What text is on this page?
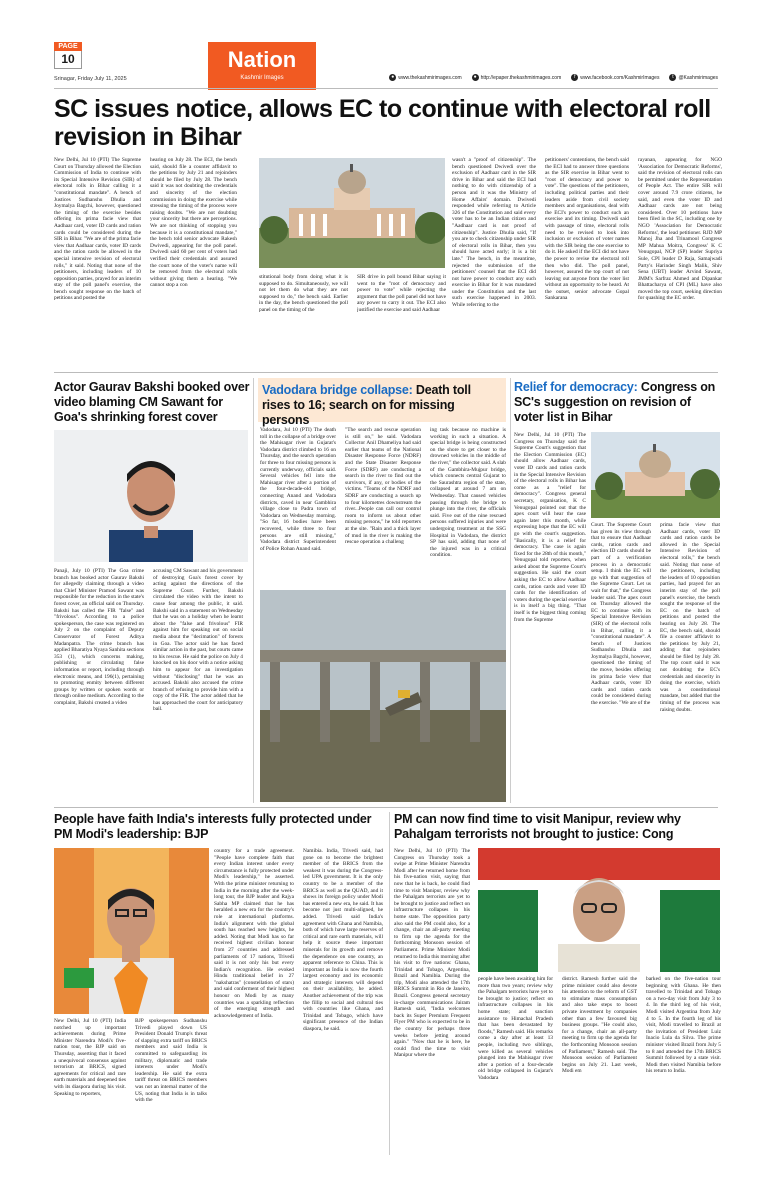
PAGE
10
Srinagar, Friday July 11, 2025
Nation
Kashmir Images	● www.thekashmirimages.com	● http://epaper.thekashmirimages.com	f www.facebook.com/KashmirImages	t @Kashmirimages
SC issues notice, allows EC to continue with electoral roll revision in Bihar
New Delhi, Jul 10 (PTI) The Supreme Court on Thursday allowed the Election Commission of India to continue with its Special Intensive Revision (SIR) of electoral rolls in Bihar calling it a "constitutional mandate". A bench of Justices Sudhanshu Dhulia and Joymalya Bagchi, however, questioned the timing of the exercise besides offering its prima facie view that Aadhaar card, voter ID cards and ration cards could be considered during the SIR in Bihar. "We are of the prima facie view that Aadhaar cards, voter ID cards and the ration cards be allowed in the special intensive revision of electoral rolls," it said. Noting that none of the petitioners, including leaders of 10 opposition parties, prayed for an interim stay of the poll panel's exercise, the bench sought response on the batch of petitions and posted the
hearing on July 28. The ECI, the bench said, should file a counter affidavit to the petitions by July 21 and rejoinders should be filed by July 28. The bench said it was not doubting the credentials and sincerity of the election commission in doing the exercise while stressing the timing of the process were raising doubts. "We are not doubting your sincerity but there are perceptions. We are not thinking of stopping you because it is a constitutional mandate," the bench told senior advocate Rakesh Dwivedi, appearing for the poll panel. Dwivedi said 60 per cent of voters had verified their credentials and assured the court none of the voter's name will be removed from the electoral rolls without giving them a hearing. "We cannot stop a con
stitutional body from doing what it is supposed to do. Simultaneously, we will not let them do what they are not supposed to do," the bench said. Earlier in the day, the bench questioned the poll panel on the timing of the
SIR drive in poll bound Bihar saying it went to the "root of democracy and power to vote" while rejecting the argument that the poll panel did not have any power to carry it out. The ECI also justified the exercise and said Aadhaar
wasn't a "proof of citizenship". The bench questioned Dwivedi over the exclusion of Aadhaar card in the SIR drive in Bihar and said the ECI had nothing to do with citizenship of a person and it was the Ministry of Home Affairs' domain. Dwivedi responded while referring to Article 326 of the Constitution and said every voter has to be an Indian citizen and "Aadhaar card is not proof of citizenship". Justice Dhulia said, "If you are to check citizenship under SIR of electoral rolls in Bihar, then you should have acted early; it is a bit late." The bench, in the meantime, rejected the submission of the petitioners' counsel that the ECI did not have power to conduct any such exercise in Bihar for it was mandated under the Constitution and the last such exercise happened in 2003. While referring to the
petitioners' contentions, the bench said the ECI had to answer three questions as the SIR exercise in Bihar went to "root of democracy and power to vote". The questions of the petitioners, including political parties and their leaders aside from civil society members and organisations, deal with the ECI's power to conduct such an exercise and its timing. Dwivedi said with passage of time, electoral rolls need to be revised to look into inclusion or exclusion of voter names with the SIR being the one exercise to do it. He asked if the ECI did not have the power to revise the electoral roll then who did. The poll panel, however, assured the top court of not leaving out anyone from the voter list without an opportunity to be heard. At the outset, senior advocate Gopal Sankarana
rayanan, appearing for NGO 'Association for Democratic Reforms', said the revision of electoral rolls can be permitted under the Representation of People Act. The entire SIR will cover around 7.9 crore citizens, he said, and even the voter ID and Aadhaar cards are not being considered. Over 10 petitions have been filed in the SC, including one by NGO 'Association for Democratic Reforms', the lead petitioner. RJD MP Manoj Jha and Trinamool Congress MP Mahua Moitra, Congress' K C Venugopal, NCP (SP) leader Supriya Sule, CPI leader D Raja, Samajwadi Party's Harinder Singh Malik, Shiv Sena (UBT) leader Arvind Sawant, JMM's Sarfraz Ahmed and Dipankar Bhattacharya of CPI (ML) have also moved the top court, seeking direction for quashing the EC order.
Actor Gaurav Bakshi booked over video blaming CM Sawant for Goa's shrinking forest cover
Panaji, July 10 (PTI) The Goa crime branch has booked actor Gaurav Bakshi for allegedly claiming through a video that Chief Minister Pramod Sawant was responsible for the reduction in the state's forest cover, an official said on Thursday. Bakshi has called the FIR "false" and "frivolous". According to a police spokesperson, the case was registered on July 2 on the complaint of Deputy Conservator of Forest Aditya Madanpatra. The crime branch has applied Bharatiya Nyaya Sanhita sections 353 (1), which concerns making, publishing or circulating false information or report, including through electronic means, and 196(1), pertaining to promoting enmity between different groups by written or spoken words or through online medium. According to the complaint, Bakshi created a video
accusing CM Sawant and his government of destroying Goa's forest cover by acting against the directions of the Supreme Court. Further, Bakshi circulated the video with the intent to cause fear among the public, it said. Bakshi said in a statement on Wednesday that he was on a holiday when he learnt about the "false and frivolous" FIR against him for speaking out on social media about the "decimation" of forests in Goa. The actor said he has faced similar action in the past, but courts came to his rescue. He said the police on July 4 knocked on his door with a notice asking him to appear for an investigation without "disclosing" that he was an accused. Bakshi also accused the crime branch of refusing to provide him with a copy of the FIR. The actor added that he has approached the court for anticipatory bail.
Vadodara bridge collapse: Death toll rises to 16; search on for missing persons
Vadodara, Jul 10 (PTI) The death toll in the collapse of a bridge over the Mahisagar river in Gujarat's Vadodara district climbed to 16 on Thursday, and the search operation for three to four missing persons is currently underway, officials said. Several vehicles fell into the Mahisagar river after a portion of the four-decade-old bridge, connecting Anand and Vadodara districts, caved in near Gambhira village close to Padra town of Vadodara on Wednesday morning. "So far, 16 bodies have been recovered, while three to four persons are still missing," Vadodara district Superintendent of Police Rohan Anand said.
"The search and rescue operation is still on," he said. Vadodara Collector Anil Dhameliya had said earlier that teams of the National Disaster Response Force (NDRF) and the State Disaster Response Force (SDRF) are conducting a search in the river to find out the survivors, if any, or bodies of the victims. "Teams of the NDRF and SDRF are conducting a search up to four kilometres downstream the river...People can call our control room to inform us about other missing persons," he told reporters at the site. "Rain and a thick layer of mud in the river is making the rescue operation a challeng
ing task because no machine is working in such a situation. A special bridge is being constructed on the shore to get closer to the drowned vehicles in the middle of the river," the collector said. A slab of the Gambhira-Mujpur bridge, which connects central Gujarat to the Saurashtra region of the state, collapsed at around 7 am on Wednesday. That caused vehicles passing through the bridge to plunge into the river, the officials said. Five out of the nine rescued persons suffered injuries and were undergoing treatment at the SSG Hospital in Vadodara, the district SP has said, adding that none of the injured was in a critical condition.
Relief for democracy: Congress on SC's suggestion on revision of voter list in Bihar
New Delhi, Jul 10 (PTI) The Congress on Thursday said the Supreme Court's suggestion that the Election Commission (EC) should allow Aadhaar cards, voter ID cards and ration cards in the Special Intensive Revision of the electoral rolls in Bihar has come as a "relief for democracy". Congress general secretary, organisation, K C Venugopal pointed out that the apex court will hear the case again later this month, while expressing hope that the EC will go with the court's suggestion. "Basically, it is a relief for democracy. The case is again fixed for the 28th of this month," Venugopal told reporters, when asked about the Supreme Court's suggestion. He said the court asking the EC to allow Aadhaar cards, ration cards and voter ID cards for the identification of voters during the special exercise is in itself a big thing. "That itself is the biggest thing coming from the Supreme
Court. The Supreme Court has given its view through that to ensure that Aadhaar cards, ration cards and election ID cards should be part of a verification process in a democratic setup. I think the EC will go with that suggestion of the Supreme Court. Let us wait for that," the Congress leader said. The apex court on Thursday allowed the EC to continue with its Special Intensive Revision (SIR) of the electoral rolls in Bihar, calling it a "constitutional mandate". A bench of Justices Sudhanshu Dhulia and Joymalya Bagchi, however, questioned the timing of the move, besides offering its prima facie view that Aadhaar cards, voter ID cards and ration cards could be considered during the exercise. "We are of the
prima facie view that Aadhaar cards, voter ID cards and ration cards be allowed in the Special Intensive Revision of electoral rolls," the bench said. Noting that none of the petitioners, including the leaders of 10 opposition parties, had prayed for an interim stay of the poll panel's exercise, the bench sought the response of the EC on the batch of petitions and posted the hearing on July 28. The EC, the bench said, should file a counter affidavit to the petitions by July 21, adding that rejoinders should be filed by July 28. The top court said it was not doubting the EC's credentials and sincerity in doing the exercise, which was a constitutional mandate, but added that the timing of the process was raising doubts.
People have faith India's interests fully protected under PM Modi's leadership: BJP
country for a trade agreement. "People have complete faith that every Indian interest under every circumstance is fully protected under Modi's leadership," he asserted. With the prime minister returning to India in the morning after the week-long tour, the BJP leader and Rajya Sabha MP claimed that he has heralded a new era for the country's role at international platforms. India's alignment with the global south has reached new heights, he added. Noting that Modi has so far received highest civilian honour from 27 countries and addressed parliaments of 17 nations, Trivedi said it is not only his but every Indian's recognition. He evoked Hindu traditional belief in 27 "nakshatras" (constellation of stars) and said conferment of their highest honour on Modi by as many countries was a sparkling reflection of the emerging strength and acknowledgement of India.
Namibia. India, Trivedi said, had gone on to become the brightest member of the BRICS from the weakest it was during the Congress-led UPA government. It is the only country to be a member of the BRICS as well as the QUAD, and it shows its foreign policy under Modi has entered a new era, he said. It has become not just multi-aligned, he added. Trivedi said India's agreement with Ghana and Namibia, both of which have large reserves of critical and rare earth materials, will help it source these important minerals for its growth and remove the dependence on one country, an apparent reference to China. This is important as India is now the fourth largest economy and its economic and strategic interests will depend on their availability, he added. Another achievement of the trip was the fillip to social and cultural ties with countries like Ghana, and Trinidad and Tobago, which have significant presence of the Indian diaspora, he said.
New Delhi, Jul 10 (PTI) India notched up important achievements during Prime Minister Narendra Modi's five-nation tour, the BJP said on Thursday, asserting that it faced a unequivocal consensus against terrorism at BRICS, signed agreements for critical and rare earth materials and deepened ties with its diaspora during his visit. Speaking to reporters,
BJP spokesperson Sudhanshu Trivedi played down US President Donald Trump's threat of slapping extra tariff on BRICS members and said India is committed to safeguarding its military, diplomatic and trade interests under Modi's leadership. He said the extra tariff threat on BRICS members was not an internal matter of the US, noting that India is in talks with the
PM can now find time to visit Manipur, review why Pahalgam terrorists not brought to justice: Cong
New Delhi, Jul 10 (PTI) The Congress on Thursday took a swipe at Prime Minister Narendra Modi after he returned home from his five-nation visit, saying that now that he is back, he could find time to visit Manipur, review why the Pahalgam terrorists are yet to be brought to justice and reflect on infrastructure collapses in his home state. The opposition party also said the PM could also, for a change, chair an all-party meeting to firm up the agenda for the forthcoming Monsoon session of Parliament. Prime Minister Modi returned to India this morning after his visit to five nations: Ghana, Trinidad and Tobago, Argentina, Brazil and Namibia. During the trip, Modi also attended the 17th BRICS Summit in Rio de Janeiro, Brazil. Congress general secretary in-charge communications Jairam Ramesh said, "India welcomes back its Super Premium Frequent Flyer PM who is expected to be in the country for perhaps three weeks before jetting around again." "Now that he is here, he could find the time to visit Manipur where the
people have been awaiting him for more than two years; review why the Pahalgam terrorists have yet to be brought to justice; reflect on infrastructure collapses in his home state; and sanction assistance to Himachal Pradesh that has been devastated by floods," Ramesh said. His remarks come a day after at least 13 people, including two siblings, were killed as several vehicles plunged into the Mahisagar river after a portion of a four-decade old bridge collapsed in Gujarat's Vadodara
district. Ramesh further said the prime minister could also devote his attention to the reform of GST to stimulate mass consumption and also take steps to boost private investment by companies other than a few favoured big business groups. "He could also, for a change, chair an all-party meeting to firm up the agenda for the forthcoming Monsoon session of Parliament," Ramesh said. The Monsoon session of Parliament begins on July 21. Last week, Modi em
barked on the five-nation tour beginning with Ghana. He then travelled to Trinidad and Tobago on a two-day visit from July 3 to 4. In the third leg of his visit, Modi visited Argentina from July 4 to 5. In the fourth leg of his visit, Modi travelled to Brazil at the invitation of President Luiz Inacio Lula da Silva. The prime minister visited Brazil from July 5 to 8 and attended the 17th BRICS Summit followed by a state visit. Modi then visited Namibia before his return to India.
